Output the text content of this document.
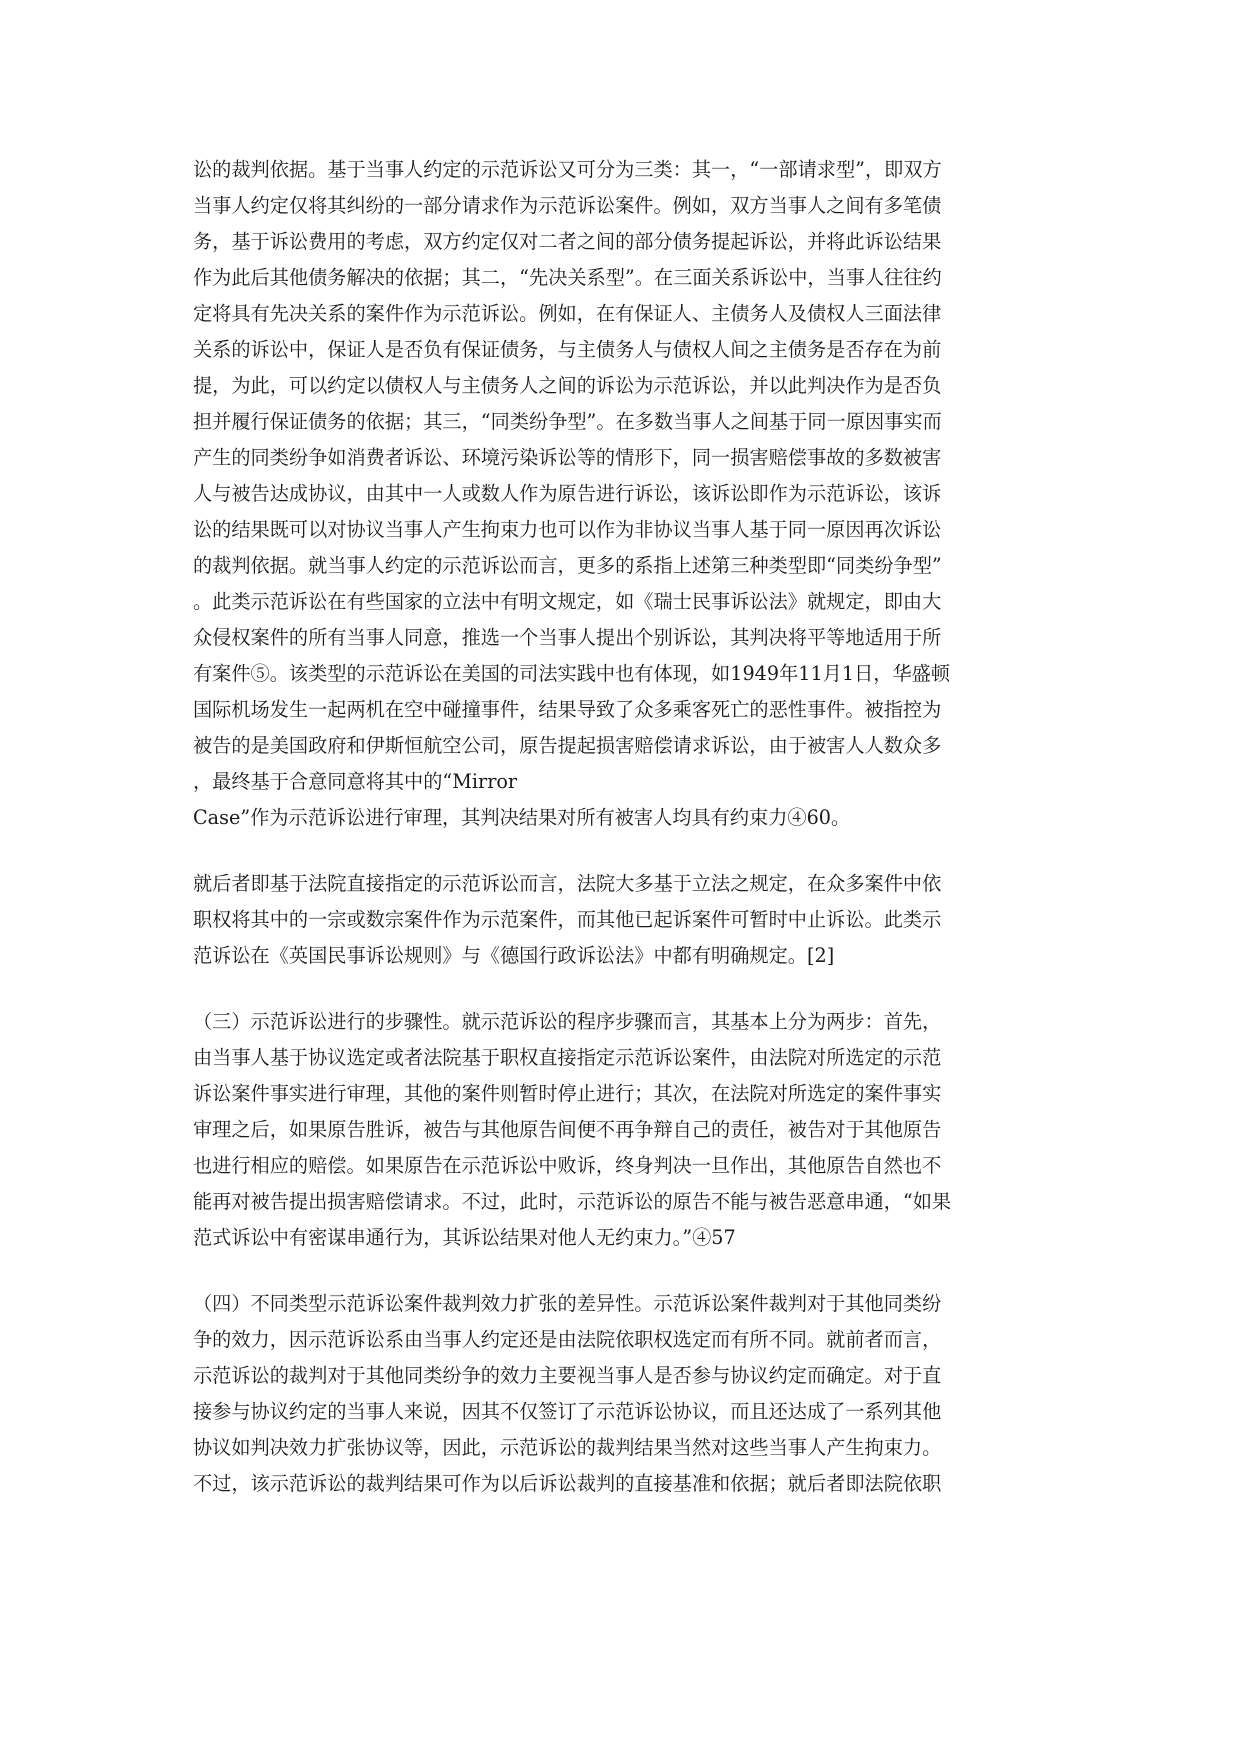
讼的裁判依据。基于当事人约定的示范诉讼又可分为三类：其一，“一部请求型”，即双方
当事人约定仅将其纠纷的一部分请求作为示范诉讼案件。例如，双方当事人之间有多笔债
务，基于诉讼费用的考虑，双方约定仅对二者之间的部分债务提起诉讼，并将此诉讼结果
作为此后其他债务解决的依据；其二，“先决关系型”。在三面关系诉讼中，当事人往往约
定将具有先决关系的案件作为示范诉讼。例如，在有保证人、主债务人及债权人三面法律
关系的诉讼中，保证人是否负有保证债务，与主债务人与债权人间之主债务是否存在为前
提，为此，可以约定以债权人与主债务人之间的诉讼为示范诉讼，并以此判决作为是否负
担并履行保证债务的依据；其三，“同类纷争型”。在多数当事人之间基于同一原因事实而
产生的同类纷争如消费者诉讼、环境污染诉讼等的情形下，同一损害赔偿事故的多数被害
人与被告达成协议，由其中一人或数人作为原告进行诉讼，该诉讼即作为示范诉讼，该诉
讼的结果既可以对协议当事人产生拘束力也可以作为非协议当事人基于同一原因再次诉讼
的裁判依据。就当事人约定的示范诉讼而言，更多的系指上述第三种类型即“同类纷争型”
。此类示范诉讼在有些国家的立法中有明文规定，如《瑞士民事诉讼法》就规定，即由大
众侵权案件的所有当事人同意，推选一个当事人提出个别诉讼，其判决将平等地适用于所
有案件⑤。该类型的示范诉讼在美国的司法实践中也有体现，如1949年11月1日，华盛顿
国际机场发生一起两机在空中碰撞事件，结果导致了众多乘客死亡的恶性事件。被指控为
被告的是美国政府和伊斯恒航空公司，原告提起损害赔偿请求诉讼，由于被害人人数众多
，最终基于合意同意将其中的“Mirror
Case”作为示范诉讼进行审理，其判决结果对所有被害人均具有约束力④60。
就后者即基于法院直接指定的示范诉讼而言，法院大多基于立法之规定，在众多案件中依
职权将其中的一宗或数宗案件作为示范案件，而其他已起诉案件可暂时中止诉讼。此类示
范诉讼在《英国民事诉讼规则》与《德国行政诉讼法》中都有明确规定。[2]
（三）示范诉讼进行的步骤性。就示范诉讼的程序步骤而言，其基本上分为两步：首先，
由当事人基于协议选定或者法院基于职权直接指定示范诉讼案件，由法院对所选定的示范
诉讼案件事实进行审理，其他的案件则暂时停止进行；其次，在法院对所选定的案件事实
审理之后，如果原告胜诉，被告与其他原告间便不再争辩自己的责任，被告对于其他原告
也进行相应的赔偿。如果原告在示范诉讼中败诉，终身判决一旦作出，其他原告自然也不
能再对被告提出损害赔偿请求。不过，此时，示范诉讼的原告不能与被告恶意串通，“如果
范式诉讼中有密谋串通行为，其诉讼结果对他人无约束力。”④57
（四）不同类型示范诉讼案件裁判效力扩张的差异性。示范诉讼案件裁判对于其他同类纷
争的效力，因示范诉讼系由当事人约定还是由法院依职权选定而有所不同。就前者而言，
示范诉讼的裁判对于其他同类纷争的效力主要视当事人是否参与协议约定而确定。对于直
接参与协议约定的当事人来说，因其不仅签订了示范诉讼协议，而且还达成了一系列其他
协议如判决效力扩张协议等，因此，示范诉讼的裁判结果当然对这些当事人产生拘束力。
不过，该示范诉讼的裁判结果可作为以后诉讼裁判的直接基准和依据；就后者即法院依职
